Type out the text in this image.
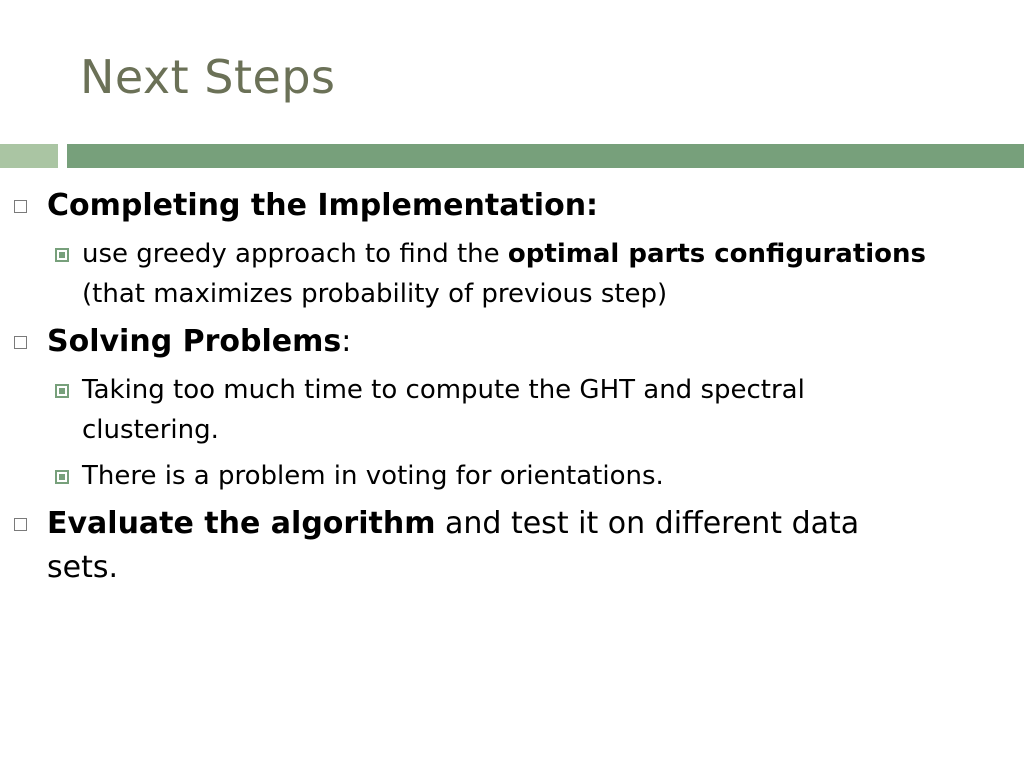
Next Steps
Completing the Implementation:
use greedy approach to find the optimal parts configurations (that maximizes probability of previous step)
Solving Problems:
Taking too much time to compute the GHT and spectral clustering.
There is a problem in voting for orientations.
Evaluate the algorithm and test it on different data sets.
